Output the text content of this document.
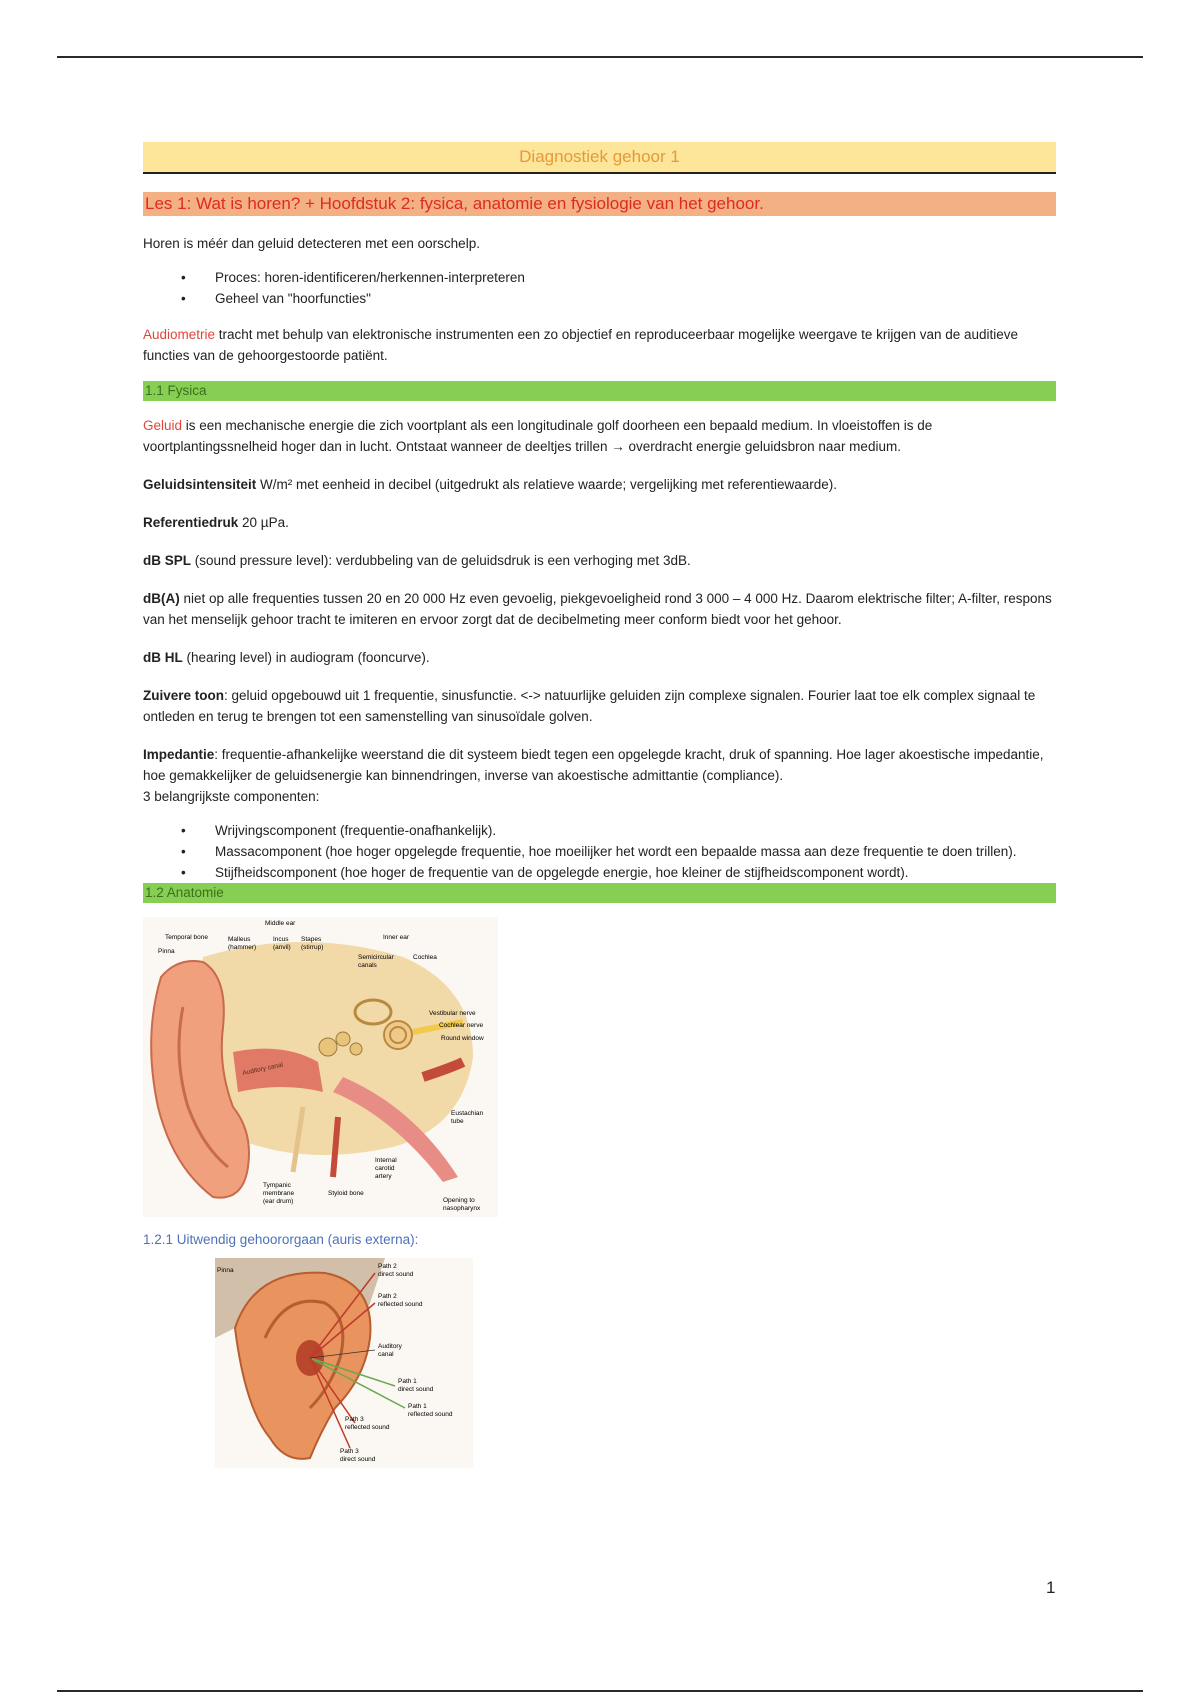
Diagnostiek gehoor 1
Les 1: Wat is horen? + Hoofdstuk 2: fysica, anatomie en fysiologie van het gehoor.

Horen is méér dan geluid detecteren met een oorschelp.

• Proces: horen-identificeren/herkennen-interpreteren
• Geheel van "hoorfuncties"

Audiometrie tracht met behulp van elektronische instrumenten een zo objectief en reproduceerbaar mogelijke weergave te krijgen van de auditieve functies van de gehoorgestoorde patiënt.

1.1 Fysica

Geluid is een mechanische energie die zich voortplant als een longitudinale golf doorheen een bepaald medium. In vloeistoffen is de voortplantingssnelheid hoger dan in lucht. Ontstaat wanneer de deeltjes trillen → overdracht energie geluidsbron naar medium.

Geluidsintensiteit W/m² met eenheid in decibel (uitgedrukt als relatieve waarde; vergelijking met referentiewaarde).

Referentiedruk 20 µPa.

dB SPL (sound pressure level): verdubbeling van de geluidsdruk is een verhoging met 3dB.

dB(A) niet op alle frequenties tussen 20 en 20 000 Hz even gevoelig, piekgevoeligheid rond 3 000 – 4 000 Hz. Daarom elektrische filter; A-filter, respons van het menselijk gehoor tracht te imiteren en ervoor zorgt dat de decibelmeting meer conform biedt voor het gehoor.

dB HL (hearing level) in audiogram (fooncurve).

Zuivere toon: geluid opgebouwd uit 1 frequentie, sinusfunctie. <-> natuurlijke geluiden zijn complexe signalen. Fourier laat toe elk complex signaal te ontleden en terug te brengen tot een samenstelling van sinusoïdale golven.

Impedantie: frequentie-afhankelijke weerstand die dit systeem biedt tegen een opgelegde kracht, druk of spanning. Hoe lager akoestische impedantie, hoe gemakkelijker de geluidsenergie kan binnendringen, inverse van akoestische admittantie (compliance).
3 belangrijkste componenten:

• Wrijvingscomponent (frequentie-onafhankelijk).
• Massacomponent (hoe hoger opgelegde frequentie, hoe moeilijker het wordt een bepaalde massa aan deze frequentie te doen trillen).
• Stijfheidscomponent (hoe hoger de frequentie van de opgelegde energie, hoe kleiner de stijfheidscomponent wordt).
1.2 Anatomie
Middle ear
Temporal bone
Pinna
Malleus
(hammer)
Incus
(anvil)
Stapes
(stirrup)
Inner ear
Semicircular
canals
Cochlea
Vestibular nerve
Cochlear nerve
Round window
Auditory canal
Eustachian
tube
Internal
carotid
artery
Tympanic
membrane
(ear drum)
Styloid bone
Opening to
nasopharynx

1.2.1 Uitwendig gehoororgaan (auris externa):

Pinna
Path 2
direct sound
Path 2
reflected sound
Auditory
canal
Path 1
direct sound
Path 1
reflected sound
Path 3
reflected sound
Path 3
direct sound
1
